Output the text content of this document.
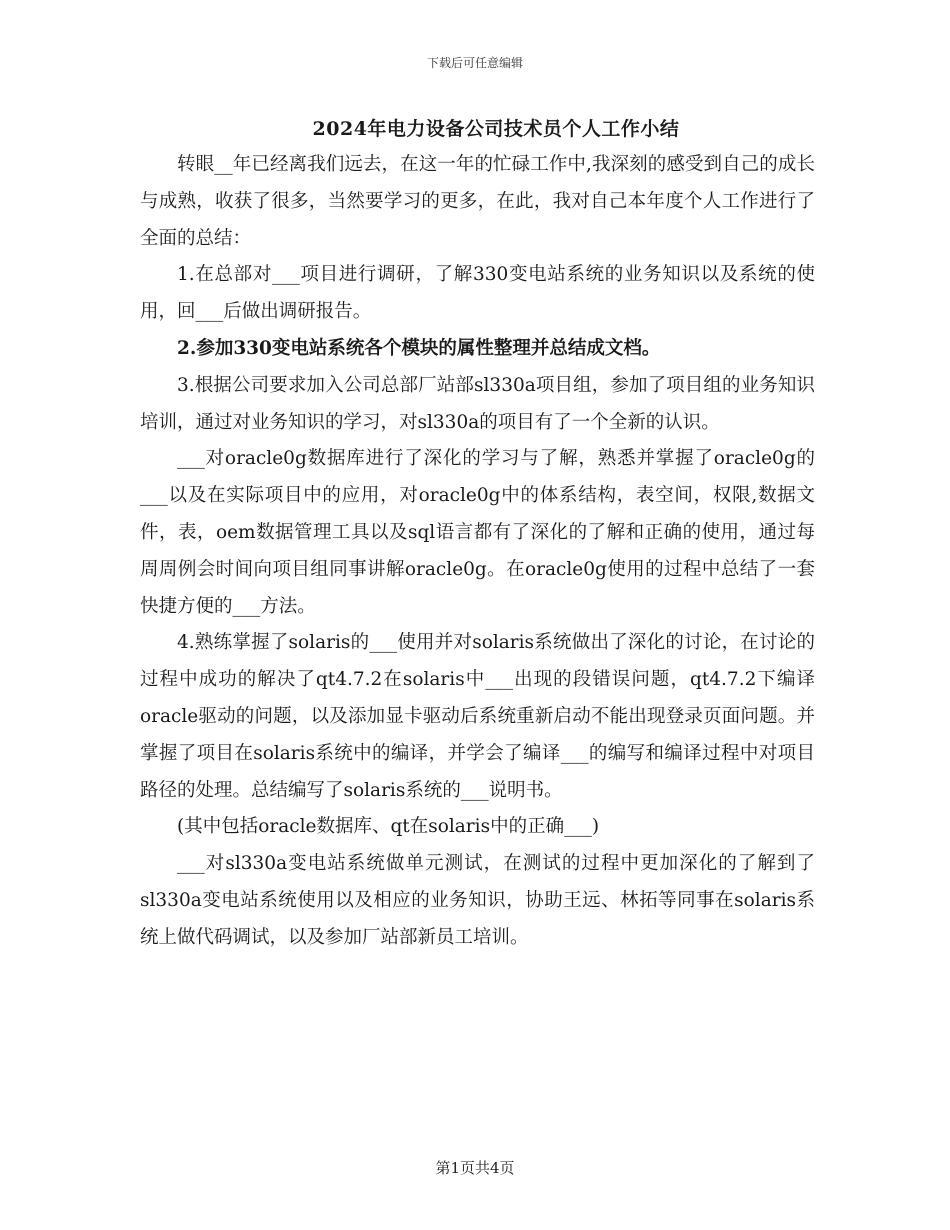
下载后可任意编辑
2024年电力设备公司技术员个人工作小结

转眼__年已经离我们远去，在这一年的忙碌工作中,我深刻的感受到自己的成长与成熟，收获了很多，当然要学习的更多，在此，我对自己本年度个人工作进行了全面的总结：

1.在总部对___项目进行调研，了解330变电站系统的业务知识以及系统的使用，回___后做出调研报告。

2.参加330变电站系统各个模块的属性整理并总结成文档。

3.根据公司要求加入公司总部厂站部sl330a项目组，参加了项目组的业务知识培训，通过对业务知识的学习，对sl330a的项目有了一个全新的认识。

___对oracle0g数据库进行了深化的学习与了解，熟悉并掌握了oracle0g的___以及在实际项目中的应用，对oracle0g中的体系结构，表空间，权限,数据文件，表，oem数据管理工具以及sql语言都有了深化的了解和正确的使用，通过每周周例会时间向项目组同事讲解oracle0g。在oracle0g使用的过程中总结了一套快捷方便的___方法。

4.熟练掌握了solaris的___使用并对solaris系统做出了深化的讨论，在讨论的过程中成功的解决了qt4.7.2在solaris中___出现的段错误问题，qt4.7.2下编译oracle驱动的问题，以及添加显卡驱动后系统重新启动不能出现登录页面问题。并掌握了项目在solaris系统中的编译，并学会了编译___的编写和编译过程中对项目路径的处理。总结编写了solaris系统的___说明书。

(其中包括oracle数据库、qt在solaris中的正确___)

___对sl330a变电站系统做单元测试，在测试的过程中更加深化的了解到了sl330a变电站系统使用以及相应的业务知识，协助王远、林拓等同事在solaris系统上做代码调试，以及参加厂站部新员工培训。

第1页共4页
